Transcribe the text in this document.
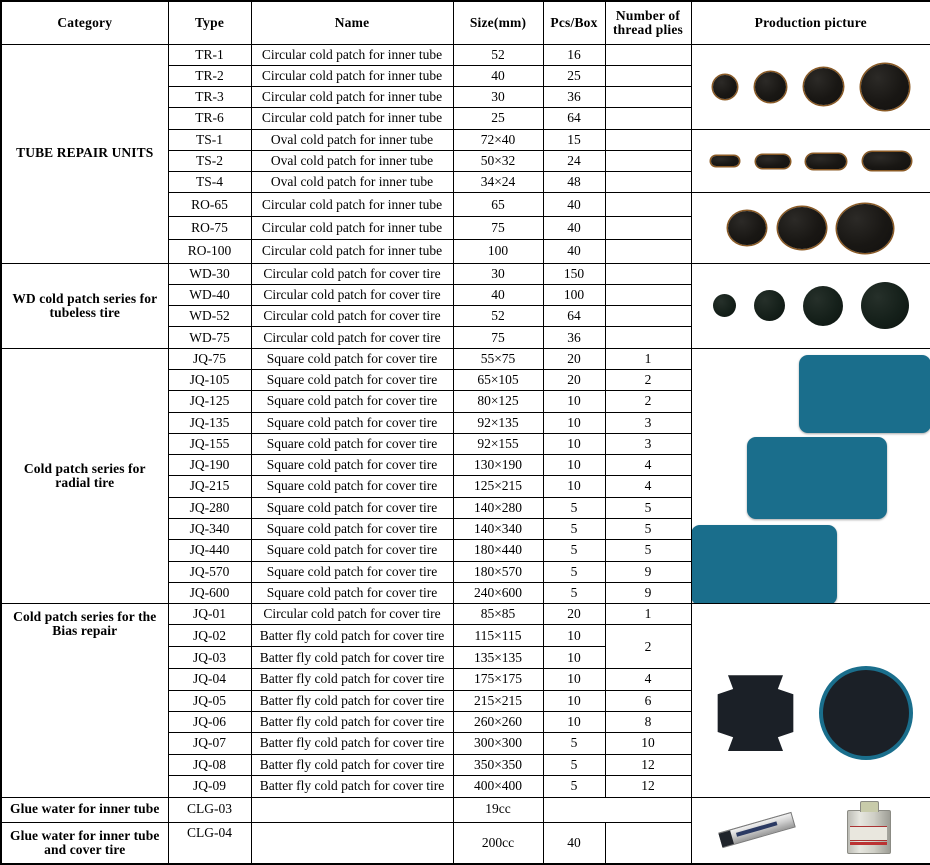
Category	Type	Name	Size(mm)	Pcs/Box	Number of
thread plies	Production picture
TUBE REPAIR UNITS	TR-1	Circular cold patch for inner tube	52	16		

	TR-2	Circular cold patch for inner tube	40	25		
	TR-3	Circular cold patch for inner tube	30	36		
	TR-6	Circular cold patch for inner tube	25	64		
	TS-1	Oval cold patch for inner tube	72×40	15		

	TS-2	Oval cold patch for inner tube	50×32	24		
	TS-4	Oval cold patch for inner tube	34×24	48		
	RO-65	Circular cold patch for inner tube	65	40		

	RO-75	Circular cold patch for inner tube	75	40		
	RO-100	Circular cold patch for inner tube	100	40		
WD cold patch series for
tubeless tire	WD-30	Circular cold patch for cover tire	30	150		

	WD-40	Circular cold patch for cover tire	40	100		
	WD-52	Circular cold patch for cover tire	52	64		
	WD-75	Circular cold patch for cover tire	75	36		
Cold patch series for
radial tire	JQ-75	Square cold patch for cover tire	55×75	20	1	

	JQ-105	Square cold patch for cover tire	65×105	20	2	
	JQ-125	Square cold patch for cover tire	80×125	10	2	
	JQ-135	Square cold patch for cover tire	92×135	10	3	
	JQ-155	Square cold patch for cover tire	92×155	10	3	
	JQ-190	Square cold patch for cover tire	130×190	10	4	
	JQ-215	Square cold patch for cover tire	125×215	10	4	
	JQ-280	Square cold patch for cover tire	140×280	5	5	
	JQ-340	Square cold patch for cover tire	140×340	5	5	
	JQ-440	Square cold patch for cover tire	180×440	5	5	
	JQ-570	Square cold patch for cover tire	180×570	5	9	
	JQ-600	Square cold patch for cover tire	240×600	5	9	
Cold patch series for the
Bias repair	JQ-01	Circular cold patch for cover tire	85×85	20	1	

	JQ-02	Batter fly cold patch for cover tire	115×115	10	2	
	JQ-03	Batter fly cold patch for cover tire	135×135	10		
	JQ-04	Batter fly cold patch for cover tire	175×175	10	4	
	JQ-05	Batter fly cold patch for cover tire	215×215	10	6	
	JQ-06	Batter fly cold patch for cover tire	260×260	10	8	
	JQ-07	Batter fly cold patch for cover tire	300×300	5	10	
	JQ-08	Batter fly cold patch for cover tire	350×350	5	12	
	JQ-09	Batter fly cold patch for cover tire	400×400	5	12	
Glue water for inner tube	CLG-03		19cc			

Glue water for inner tube
and cover tire	CLG-04		200cc	40		
